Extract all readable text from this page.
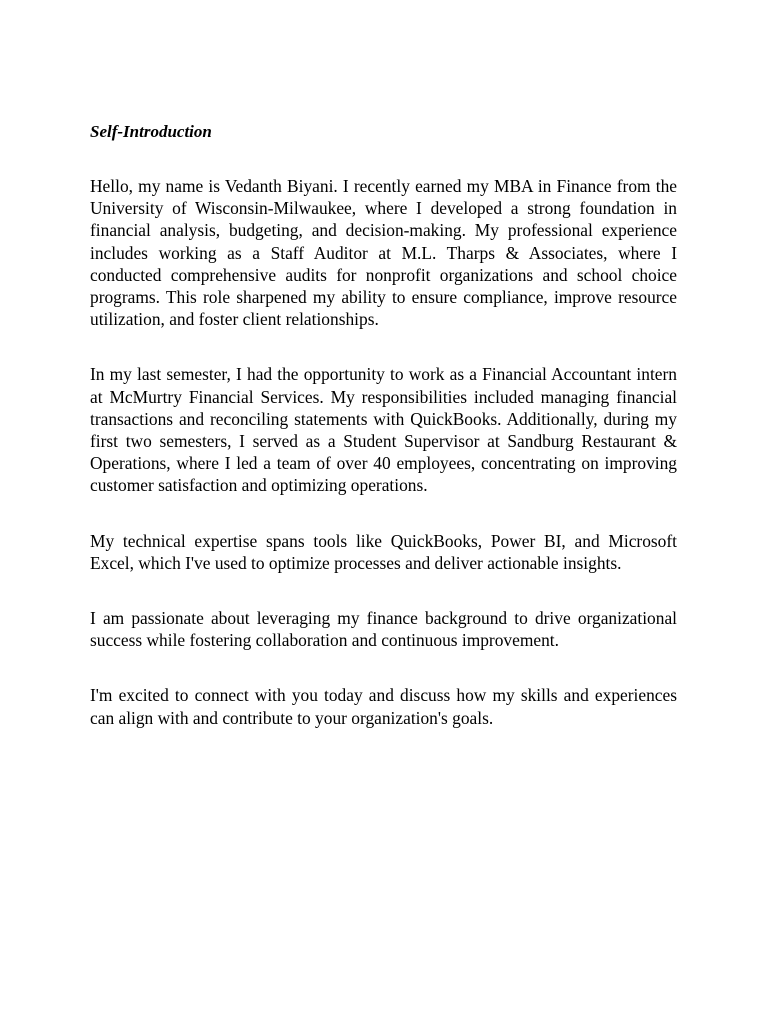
Self-Introduction

Hello, my name is Vedanth Biyani. I recently earned my MBA in Finance from the University of Wisconsin-Milwaukee, where I developed a strong foundation in financial analysis, budgeting, and decision-making. My professional experience includes working as a Staff Auditor at M.L. Tharps & Associates, where I conducted comprehensive audits for nonprofit organizations and school choice programs. This role sharpened my ability to ensure compliance, improve resource utilization, and foster client relationships.

In my last semester, I had the opportunity to work as a Financial Accountant intern at McMurtry Financial Services. My responsibilities included managing financial transactions and reconciling statements with QuickBooks. Additionally, during my first two semesters, I served as a Student Supervisor at Sandburg Restaurant & Operations, where I led a team of over 40 employees, concentrating on improving customer satisfaction and optimizing operations.

My technical expertise spans tools like QuickBooks, Power BI, and Microsoft Excel, which I've used to optimize processes and deliver actionable insights.

I am passionate about leveraging my finance background to drive organizational success while fostering collaboration and continuous improvement.

I'm excited to connect with you today and discuss how my skills and experiences can align with and contribute to your organization's goals.
